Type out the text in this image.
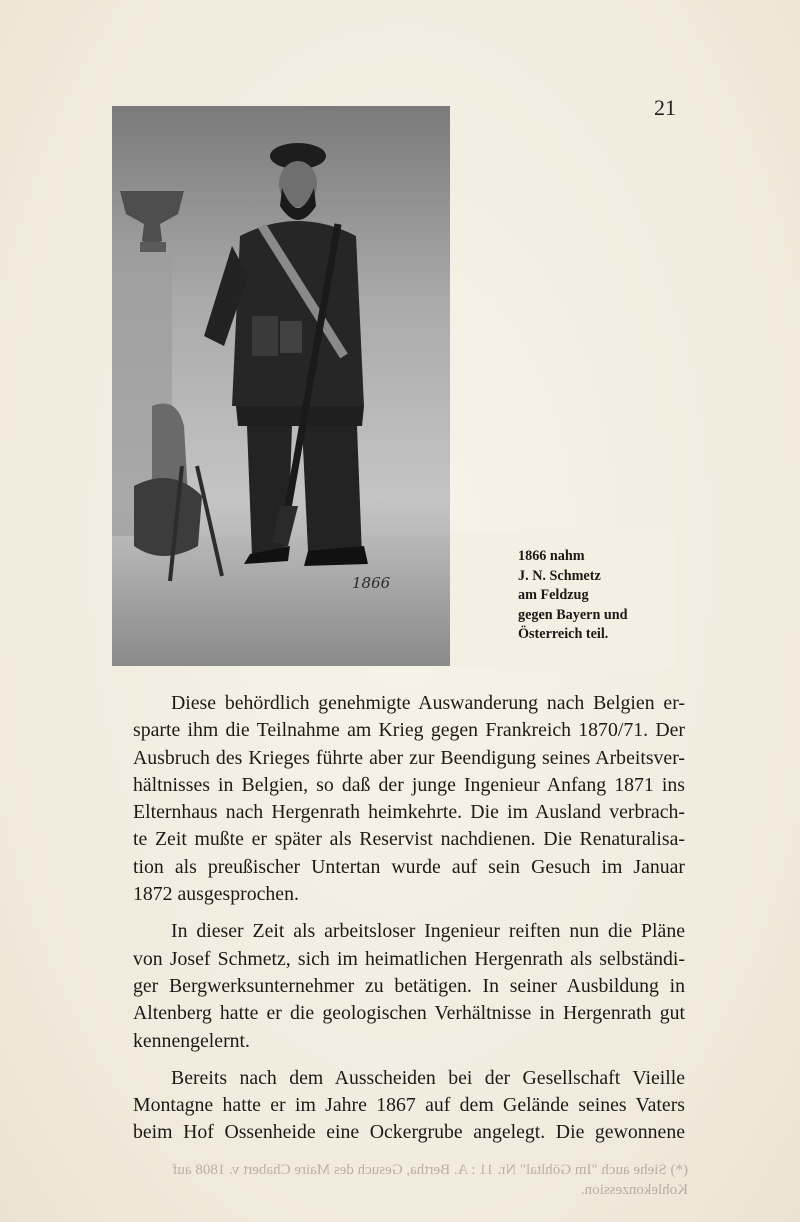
21
1866
1866 nahm
J. N. Schmetz
am Feldzug
gegen Bayern und
Österreich teil.
Diese behördlich genehmigte Auswanderung nach Belgien er-
sparte ihm die Teilnahme am Krieg gegen Frankreich 1870/71. Der
Ausbruch des Krieges führte aber zur Beendigung seines Arbeitsver-
hältnisses in Belgien, so daß der junge Ingenieur Anfang 1871 ins
Elternhaus nach Hergenrath heimkehrte. Die im Ausland verbrach-
te Zeit mußte er später als Reservist nachdienen. Die Renaturalisa-
tion als preußischer Untertan wurde auf sein Gesuch im Januar
1872 ausgesprochen.
In dieser Zeit als arbeitsloser Ingenieur reiften nun die Pläne
von Josef Schmetz, sich im heimatlichen Hergenrath als selbständi-
ger Bergwerksunternehmer zu betätigen. In seiner Ausbildung in
Altenberg hatte er die geologischen Verhältnisse in Hergenrath gut
kennengelernt.
Bereits nach dem Ausscheiden bei der Gesellschaft Vieille
Montagne hatte er im Jahre 1867 auf dem Gelände seines Vaters
beim Hof Ossenheide eine Ockergrube angelegt. Die gewonnene
(*) Siehe auch "Im Göhltal" Nr. 11 : A. Bertha, Gesuch des Maire Chabert v. 1808 auf Kohlekonzession.
